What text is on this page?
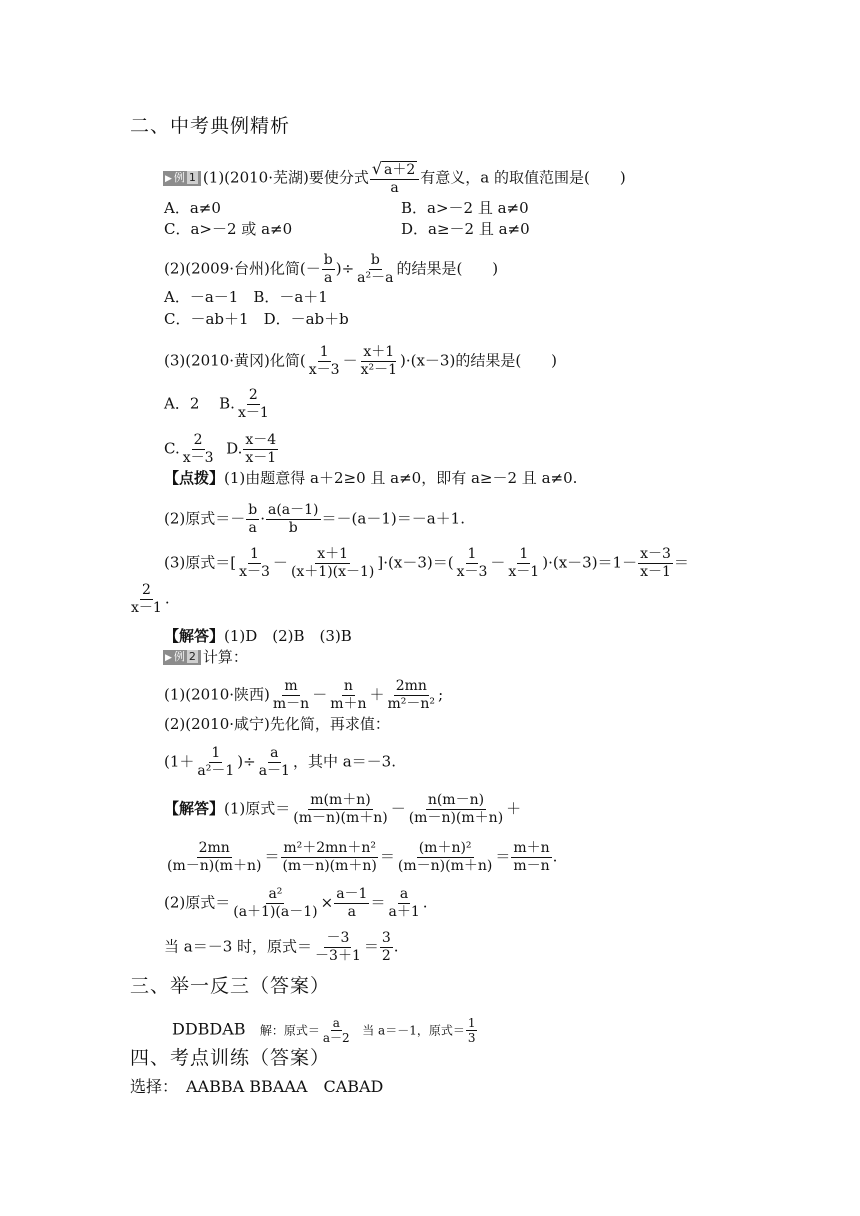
二、中考典例精析
▶ 例 1 (1)(2010·芜湖)要使分式 $\frac{√ a+2}{a}$ 有意义，a 的取值范围是(　　)
A．a≠0	B．a>－2 且 a≠0
C．a>－2 或 a≠0	D．a≥－2 且 a≠0
(2)(2009·台州)化简(－ $\frac{b}{a}$ )÷ $\frac{b}{\text{a²－a}}$ 的结果是(　　)
A．－a－1　B．－a＋1
C．－ab＋1　D．－ab＋b
(3)(2010·黄冈)化简( $\frac{1}{x-3} - \frac{x+1}{\text{x²－1}} )\cdot(x-3)$的结果是(　　)
A．2　 B. $\frac{2}{x-1}$
C. $\frac{2}{x-3} D$. $\frac{x-4}{x-1}$
【点拨】(1)由题意得 a＋2≥0 且 a≠0，即有 a≥－2 且 a≠0.
(2)原式＝－ $\frac{b}{a} \cdot \frac{a(a-1)}{b} =-(a-1)=-a+1$.
(3)原式＝[ $\frac{1}{x-3} - \frac{x+1}{(x+1)(x-1)} ]\cdot(x-3)=( \frac{1}{x-3} - \frac{1}{x-1} )\cdot(x-3)=1- \frac{x-3}{x-1}$ ＝
$\frac{2}{x-1}$ .
【解答】(1)D　(2)B　(3)B
▶ 例 2 计算：
(1)(2010·陕西) $\frac{m}{m-n} - \frac{n}{m+n} + \frac{2mn}{\text{m²－n²}}$ ;
(2)(2010·咸宁)先化简，再求值：
($1+ \frac{1}{\text{a²－1}}$ )÷ $\frac{a}{a-1}$ ，其中 a＝－3.
【解答】(1)原式＝ $\frac{m(m+n)}{(m-n)(m+n)} - \frac{n(m-n)}{(m-n)(m+n)}$ ＋
$\frac{2mn}{(m-n)(m+n)} = \frac{\text{m²＋2mn＋n²}}{(m-n)(m+n)} = \frac{\text{(m＋n)²}}{(m-n)(m+n)} = \frac{m+n}{m-n}$ .
(2)原式＝ $\frac{\text{a²}}{(a+1)(a-1)} \times \frac{a-1}{a} = \frac{a}{a+1}$ .
当 a＝－3 时，原式＝ $\frac{-3}{-3+1} = \frac{3}{2}$ .
三、举一反三（答案）
DDBDAB 解：原式＝ $\frac{a}{a-2}$ 当 a＝－1，原式＝ $\frac{1}{3}$
四、考点训练（答案）
选择：　AABBA BBAAA　CABAD
